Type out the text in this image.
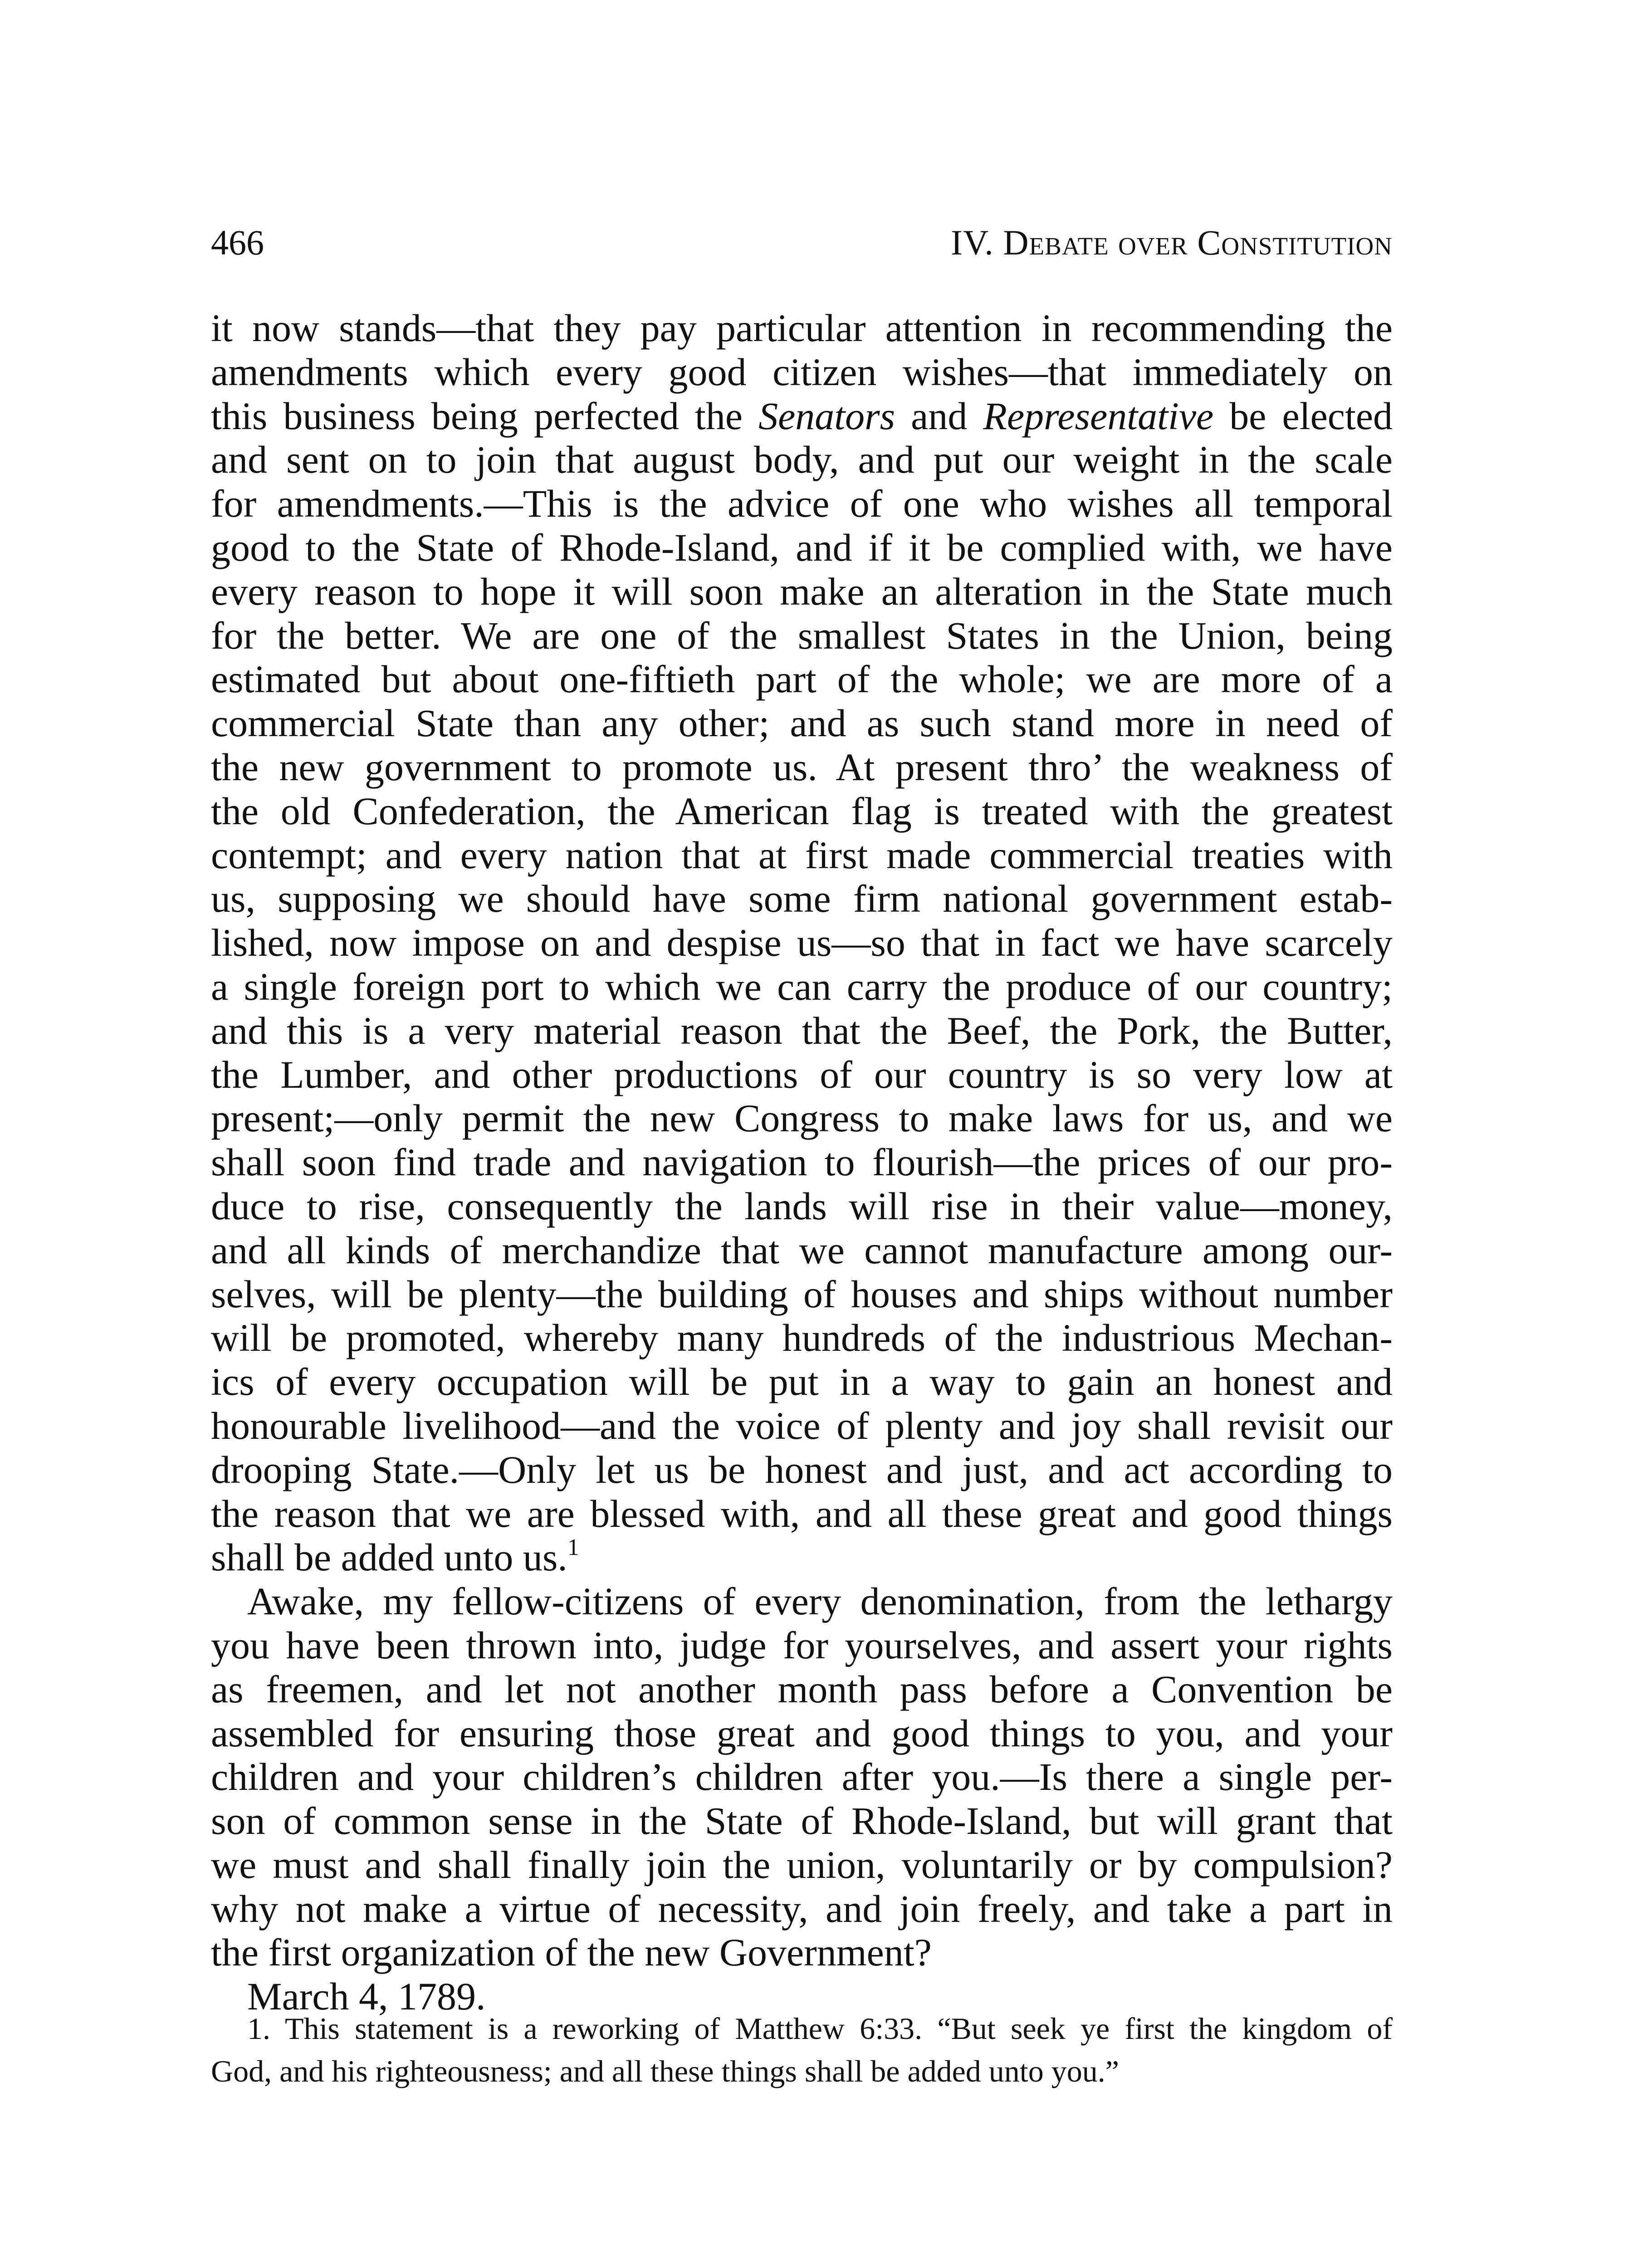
466	IV. Debate over Constitution
it now stands—that they pay particular attention in recommending the
amendments which every good citizen wishes—that immediately on
this business being perfected the Senators and Representative be elected
and sent on to join that august body, and put our weight in the scale
for amendments.—This is the advice of one who wishes all temporal
good to the State of Rhode-Island, and if it be complied with, we have
every reason to hope it will soon make an alteration in the State much
for the better. We are one of the smallest States in the Union, being
estimated but about one-fiftieth part of the whole; we are more of a
commercial State than any other; and as such stand more in need of
the new government to promote us. At present thro’ the weakness of
the old Confederation, the American flag is treated with the greatest
contempt; and every nation that at first made commercial treaties with
us, supposing we should have some firm national government estab-
lished, now impose on and despise us—so that in fact we have scarcely
a single foreign port to which we can carry the produce of our country;
and this is a very material reason that the Beef, the Pork, the Butter,
the Lumber, and other productions of our country is so very low at
present;—only permit the new Congress to make laws for us, and we
shall soon find trade and navigation to flourish—the prices of our pro-
duce to rise, consequently the lands will rise in their value—money,
and all kinds of merchandize that we cannot manufacture among our-
selves, will be plenty—the building of houses and ships without number
will be promoted, whereby many hundreds of the industrious Mechan-
ics of every occupation will be put in a way to gain an honest and
honourable livelihood—and the voice of plenty and joy shall revisit our
drooping State.—Only let us be honest and just, and act according to
the reason that we are blessed with, and all these great and good things
shall be added unto us.$^1$
Awake, my fellow-citizens of every denomination, from the lethargy
you have been thrown into, judge for yourselves, and assert your rights
as freemen, and let not another month pass before a Convention be
assembled for ensuring those great and good things to you, and your
children and your children’s children after you.—Is there a single per-
son of common sense in the State of Rhode-Island, but will grant that
we must and shall finally join the union, voluntarily or by compulsion?
why not make a virtue of necessity, and join freely, and take a part in
the first organization of the new Government?
March 4, 1789.
1. This statement is a reworking of Matthew 6:33. “But seek ye first the kingdom of
God, and his righteousness; and all these things shall be added unto you.”
